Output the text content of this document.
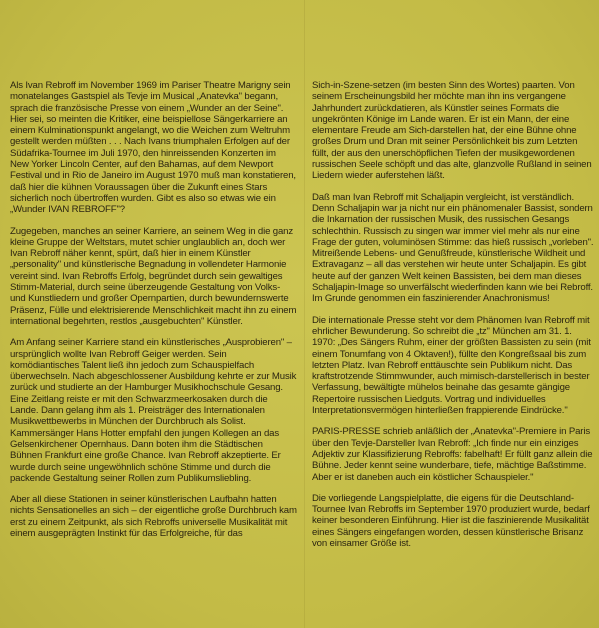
Als Ivan Rebroff im November 1969 im Pariser Theatre Marigny sein monatelanges Gastspiel als Tevje im Musical „Anatevka" begann, sprach die französische Presse von einem „Wunder an der Seine". Hier sei, so meinten die Kritiker, eine beispiellose Sängerkarriere an einem Kulminationspunkt angelangt, wo die Weichen zum Weltruhm gestellt werden müßten . . . Nach Ivans triumphalen Erfolgen auf der Südafrika-Tournee im Juli 1970, den hinreissenden Konzerten im New Yorker Lincoln Center, auf den Bahamas, auf dem Newport Festival und in Rio de Janeiro im August 1970 muß man konstatieren, daß hier die kühnen Voraussagen über die Zukunft eines Stars sicherlich noch übertroffen wurden. Gibt es also so etwas wie ein „Wunder IVAN REBROFF"?

Zugegeben, manches an seiner Karriere, an seinem Weg in die ganz kleine Gruppe der Weltstars, mutet schier unglaublich an, doch wer Ivan Rebroff näher kennt, spürt, daß hier in einem Künstler „personality" und künstlerische Begnadung in vollendeter Harmonie vereint sind. Ivan Rebroffs Erfolg, begründet durch sein gewaltiges Stimm-Material, durch seine überzeugende Gestaltung von Volks- und Kunstliedern und großer Opernpartien, durch bewundernswerte Präsenz, Fülle und elektrisierende Menschlichkeit macht ihn zu einem international begehrten, restlos „ausgebuchten" Künstler.

Am Anfang seiner Karriere stand ein künstlerisches „Ausprobieren" – ursprünglich wollte Ivan Rebroff Geiger werden. Sein komödiantisches Talent ließ ihn jedoch zum Schauspielfach überwechseln. Nach abgeschlossener Ausbildung kehrte er zur Musik zurück und studierte an der Hamburger Musikhochschule Gesang. Eine Zeitlang reiste er mit den Schwarzmeerkosaken durch die Lande. Dann gelang ihm als 1. Preisträger des Internationalen Musikwettbewerbs in München der Durchbruch als Solist. Kammersänger Hans Hotter empfahl den jungen Kollegen an das Gelsenkirchener Opernhaus. Dann boten ihm die Städtischen Bühnen Frankfurt eine große Chance. Ivan Rebroff akzeptierte. Er wurde durch seine ungewöhnlich schöne Stimme und durch die packende Gestaltung seiner Rollen zum Publikumsliebling.

Aber all diese Stationen in seiner künstlerischen Laufbahn hatten nichts Sensationelles an sich – der eigentliche große Durchbruch kam erst zu einem Zeitpunkt, als sich Rebroffs universelle Musikalität mit einem ausgeprägten Instinkt für das Erfolgreiche, für das

Sich-in-Szene-setzen (im besten Sinn des Wortes) paarten. Von seinem Erscheinungsbild her möchte man ihn ins vergangene Jahrhundert zurückdatieren, als Künstler seines Formats die ungekrönten Könige im Lande waren. Er ist ein Mann, der eine elementare Freude am Sich-darstellen hat, der eine Bühne ohne großes Drum und Dran mit seiner Persönlichkeit bis zum Letzten füllt, der aus den unerschöpflichen Tiefen der musikgewordenen russischen Seele schöpft und das alte, glanzvolle Rußland in seinen Liedern wieder auferstehen läßt.

Daß man Ivan Rebroff mit Schaljapin vergleicht, ist verständlich. Denn Schaljapin war ja nicht nur ein phänomenaler Bassist, sondern die Inkarnation der russischen Musik, des russischen Gesangs schlechthin. Russisch zu singen war immer viel mehr als nur eine Frage der guten, voluminösen Stimme: das hieß russisch „vorleben". Mitreißende Lebens- und Genußfreude, künstlerische Wildheit und Extravaganz – all das verstehen wir heute unter Schaljapin. Es gibt heute auf der ganzen Welt keinen Bassisten, bei dem man dieses Schaljapin-Image so unverfälscht wiederfinden kann wie bei Rebroff. Im Grunde genommen ein faszinierender Anachronismus!

Die internationale Presse steht vor dem Phänomen Ivan Rebroff mit ehrlicher Bewunderung. So schreibt die „tz" München am 31. 1. 1970: „Des Sängers Ruhm, einer der größten Bassisten zu sein (mit einem Tonumfang von 4 Oktaven!), füllte den Kongreßsaal bis zum letzten Platz. Ivan Rebroff enttäuschte sein Publikum nicht. Das kraftstrotzende Stimmwunder, auch mimisch-darstellerisch in bester Verfassung, bewältigte mühelos beinahe das gesamte gängige Repertoire russischen Liedguts. Vortrag und individuelles Interpretationsvermögen hinterließen frappierende Eindrücke."

PARIS-PRESSE schrieb anläßlich der „Anatevka"-Premiere in Paris über den Tevje-Darsteller Ivan Rebroff: „Ich finde nur ein einziges Adjektiv zur Klassifizierung Rebroffs: fabelhaft! Er füllt ganz allein die Bühne. Jeder kennt seine wunderbare, tiefe, mächtige Baßstimme. Aber er ist daneben auch ein köstlicher Schauspieler."

Die vorliegende Langspielplatte, die eigens für die Deutschland-Tournee Ivan Rebroffs im September 1970 produziert wurde, bedarf keiner besonderen Einführung. Hier ist die faszinierende Musikalität eines Sängers eingefangen worden, dessen künstlerische Brisanz von einsamer Größe ist.
